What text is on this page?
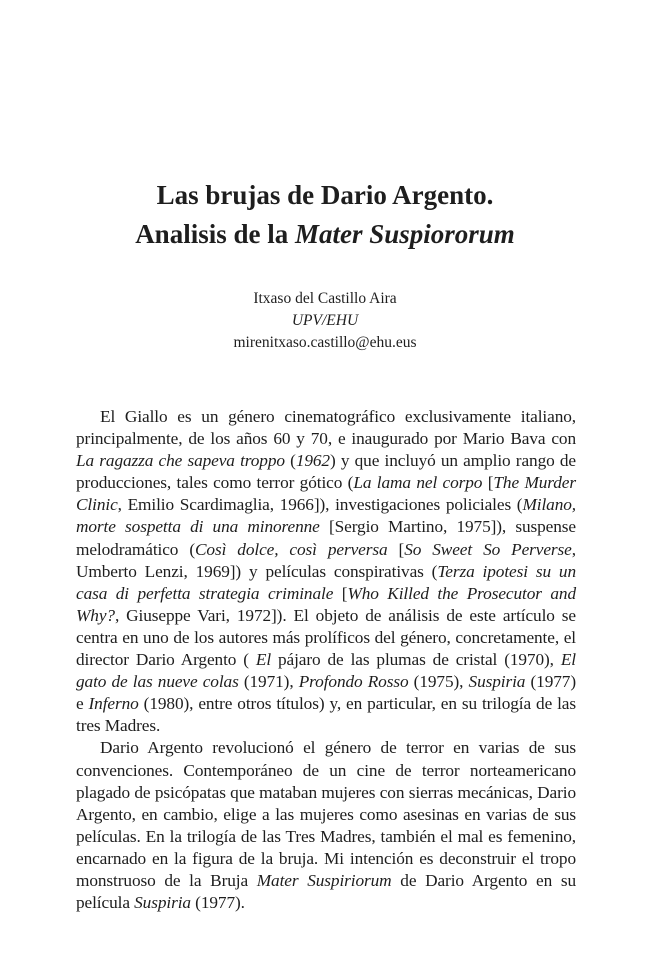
Las brujas de Dario Argento.
Analisis de la Mater Suspiororum
Itxaso del Castillo Aira
UPV/EHU
mirenitxaso.castillo@ehu.eus

El Giallo es un género cinematográfico exclusivamente italiano, principalmente, de los años 60 y 70, e inaugurado por Mario Bava con La ragazza che sapeva troppo (1962) y que incluyó un amplio rango de producciones, tales como terror gótico (La lama nel corpo [The Murder Clinic, Emilio Scardimaglia, 1966]), investigaciones policiales (Milano, morte sospetta di una minorenne [Sergio Martino, 1975]), suspense melodramático (Così dolce, così perversa [So Sweet So Perverse, Umberto Lenzi, 1969]) y películas conspirativas (Terza ipotesi su un casa di perfetta strategia criminale [Who Killed the Prosecutor and Why?, Giuseppe Vari, 1972]). El objeto de análisis de este artículo se centra en uno de los autores más prolíficos del género, concretamente, el director Dario Argento ( El pájaro de las plumas de cristal (1970), El gato de las nueve colas (1971), Profondo Rosso (1975), Suspiria (1977) e Inferno (1980), entre otros títulos) y, en particular, en su trilogía de las tres Madres.

Dario Argento revolucionó el género de terror en varias de sus convenciones. Contemporáneo de un cine de terror norteamericano plagado de psicópatas que mataban mujeres con sierras mecánicas, Dario Argento, en cambio, elige a las mujeres como asesinas en varias de sus películas. En la trilogía de las Tres Madres, también el mal es femenino, encarnado en la figura de la bruja. Mi intención es deconstruir el tropo monstruoso de la Bruja Mater Suspiriorum de Dario Argento en su película Suspiria (1977).
